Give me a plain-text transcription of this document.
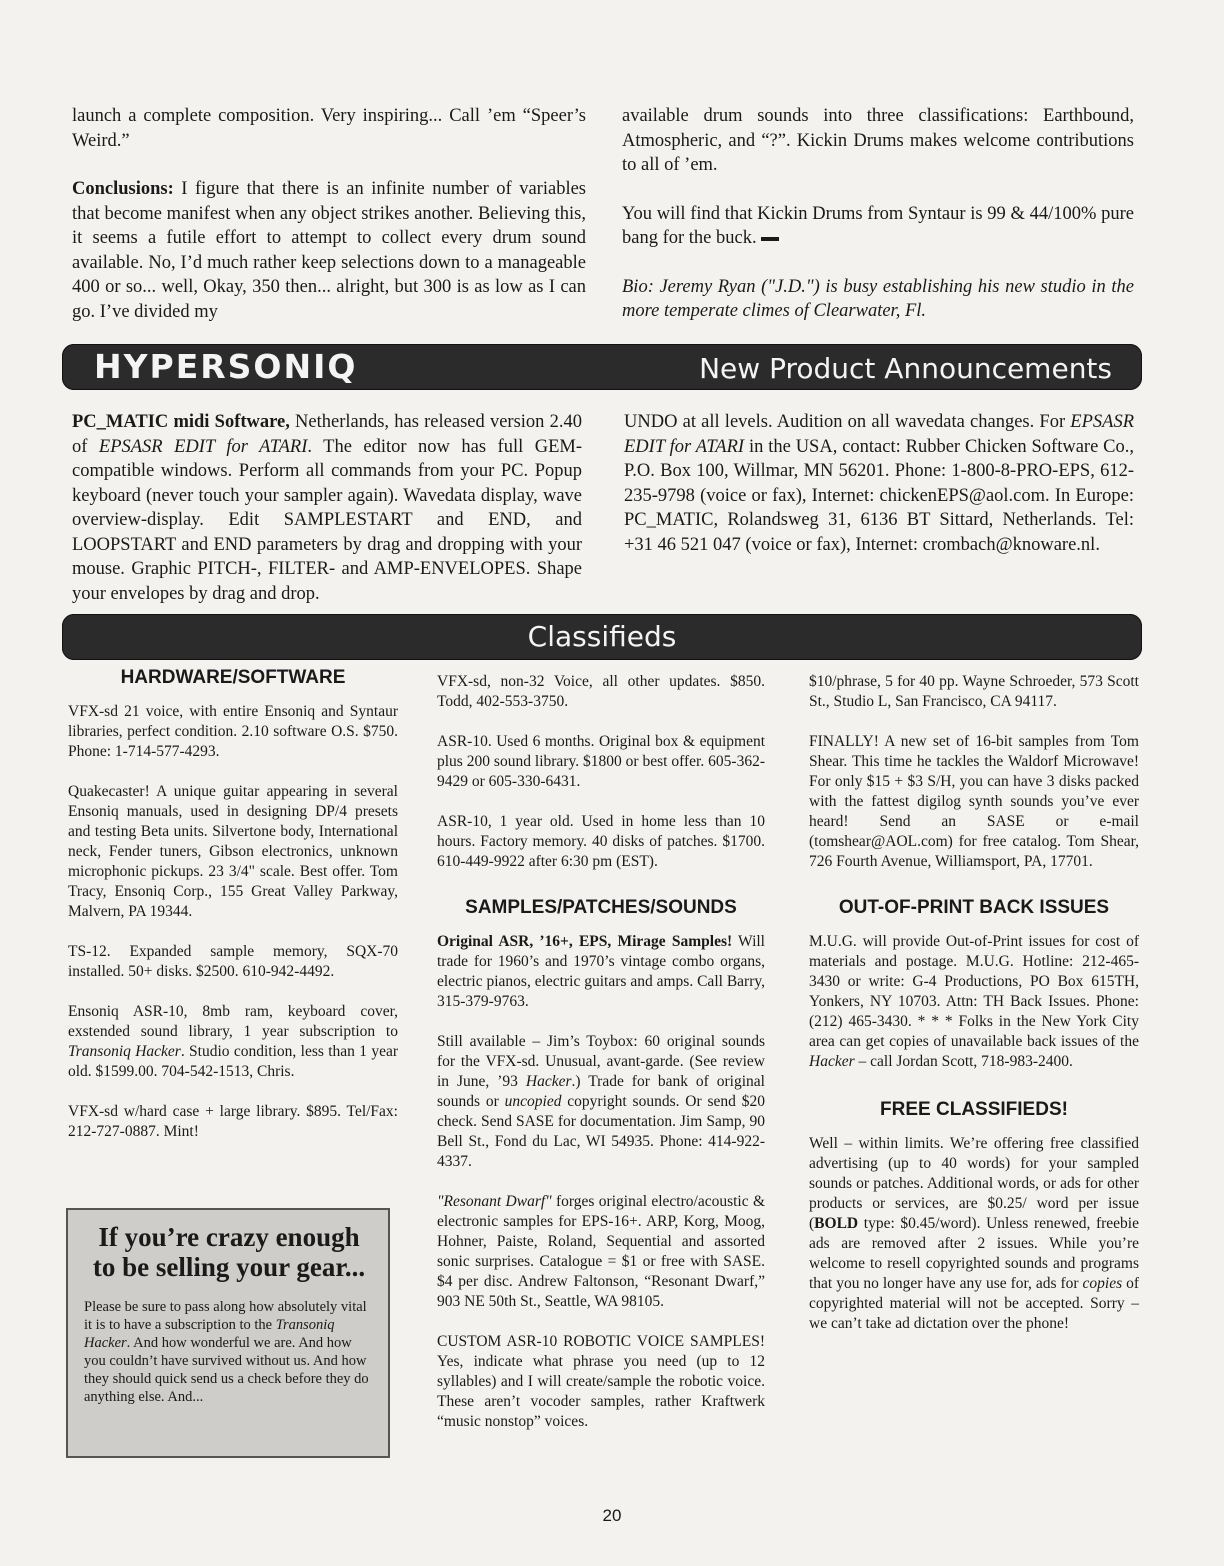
launch a complete composition. Very inspiring... Call ’em “Speer’s Weird.”

Conclusions: I figure that there is an infinite number of variables that become manifest when any object strikes another. Believing this, it seems a futile effort to attempt to collect every drum sound available. No, I’d much rather keep selections down to a manageable 400 or so... well, Okay, 350 then... alright, but 300 is as low as I can go. I’ve divided my

available drum sounds into three classifications: Earthbound, Atmospheric, and “?”. Kickin Drums makes welcome contributions to all of ’em.

You will find that Kickin Drums from Syntaur is 99 & 44/100% pure bang for the buck.

Bio: Jeremy Ryan ("J.D.") is busy establishing his new studio in the more temperate climes of Clearwater, Fl.

HYPERSONIQ	New Product Announcements

PC_MATIC midi Software, Netherlands, has released version 2.40 of EPSASR EDIT for ATARI. The editor now has full GEM-compatible windows. Perform all commands from your PC. Popup keyboard (never touch your sampler again). Wavedata display, wave overview-display. Edit SAMPLESTART and END, and LOOPSTART and END parameters by drag and dropping with your mouse. Graphic PITCH-, FILTER- and AMP-ENVELOPES. Shape your envelopes by drag and drop.

UNDO at all levels. Audition on all wavedata changes. For EPSASR EDIT for ATARI in the USA, contact: Rubber Chicken Software Co., P.O. Box 100, Willmar, MN 56201. Phone: 1-800-8-PRO-EPS, 612-235-9798 (voice or fax), Internet: chickenEPS@aol.com. In Europe: PC_MATIC, Rolandsweg 31, 6136 BT Sittard, Netherlands. Tel: +31 46 521 047 (voice or fax), Internet: crombach@knoware.nl.

Classifieds
HARDWARE/SOFTWARE

VFX-sd 21 voice, with entire Ensoniq and Syntaur libraries, perfect condition. 2.10 software O.S. $750. Phone: 1-714-577-4293.

Quakecaster! A unique guitar appearing in several Ensoniq manuals, used in designing DP/4 presets and testing Beta units. Silvertone body, International neck, Fender tuners, Gibson electronics, unknown microphonic pickups. 23 3/4" scale. Best offer. Tom Tracy, Ensoniq Corp., 155 Great Valley Parkway, Malvern, PA 19344.

TS-12. Expanded sample memory, SQX-70 installed. 50+ disks. $2500. 610-942-4492.

Ensoniq ASR-10, 8mb ram, keyboard cover, exstended sound library, 1 year subscription to Transoniq Hacker. Studio condition, less than 1 year old. $1599.00. 704-542-1513, Chris.

VFX-sd w/hard case + large library. $895. Tel/Fax: 212-727-0887. Mint!

If you’re crazy enough to be selling your gear...

Please be sure to pass along how absolutely vital it is to have a subscription to the Transoniq Hacker. And how wonderful we are. And how you couldn’t have survived without us. And how they should quick send us a check before they do anything else. And...

VFX-sd, non-32 Voice, all other updates. $850. Todd, 402-553-3750.

ASR-10. Used 6 months. Original box & equipment plus 200 sound library. $1800 or best offer. 605-362-9429 or 605-330-6431.

ASR-10, 1 year old. Used in home less than 10 hours. Factory memory. 40 disks of patches. $1700. 610-449-9922 after 6:30 pm (EST).

SAMPLES/PATCHES/SOUNDS

Original ASR, ’16+, EPS, Mirage Samples! Will trade for 1960’s and 1970’s vintage combo organs, electric pianos, electric guitars and amps. Call Barry, 315-379-9763.

Still available – Jim’s Toybox: 60 original sounds for the VFX-sd. Unusual, avant-garde. (See review in June, ’93 Hacker.) Trade for bank of original sounds or uncopied copyright sounds. Or send $20 check. Send SASE for documentation. Jim Samp, 90 Bell St., Fond du Lac, WI 54935. Phone: 414-922-4337.

"Resonant Dwarf" forges original electro/acoustic & electronic samples for EPS-16+. ARP, Korg, Moog, Hohner, Paiste, Roland, Sequential and assorted sonic surprises. Catalogue = $1 or free with SASE. $4 per disc. Andrew Faltonson, “Resonant Dwarf,” 903 NE 50th St., Seattle, WA 98105.

CUSTOM ASR-10 ROBOTIC VOICE SAMPLES! Yes, indicate what phrase you need (up to 12 syllables) and I will create/sample the robotic voice. These aren’t vocoder samples, rather Kraftwerk “music nonstop” voices.

$10/phrase, 5 for 40 pp. Wayne Schroeder, 573 Scott St., Studio L, San Francisco, CA 94117.

FINALLY! A new set of 16-bit samples from Tom Shear. This time he tackles the Waldorf Microwave! For only $15 + $3 S/H, you can have 3 disks packed with the fattest digilog synth sounds you’ve ever heard! Send an SASE or e-mail (tomshear@AOL.com) for free catalog. Tom Shear, 726 Fourth Avenue, Williamsport, PA, 17701.

OUT-OF-PRINT BACK ISSUES

M.U.G. will provide Out-of-Print issues for cost of materials and postage. M.U.G. Hotline: 212-465-3430 or write: G-4 Productions, PO Box 615TH, Yonkers, NY 10703. Attn: TH Back Issues. Phone: (212) 465-3430. * * * Folks in the New York City area can get copies of unavailable back issues of the Hacker – call Jordan Scott, 718-983-2400.

FREE CLASSIFIEDS!

Well – within limits. We’re offering free classified advertising (up to 40 words) for your sampled sounds or patches. Additional words, or ads for other products or services, are $0.25/ word per issue (BOLD type: $0.45/word). Unless renewed, freebie ads are removed after 2 issues. While you’re welcome to resell copyrighted sounds and programs that you no longer have any use for, ads for copies of copyrighted material will not be accepted. Sorry – we can’t take ad dictation over the phone!

20
